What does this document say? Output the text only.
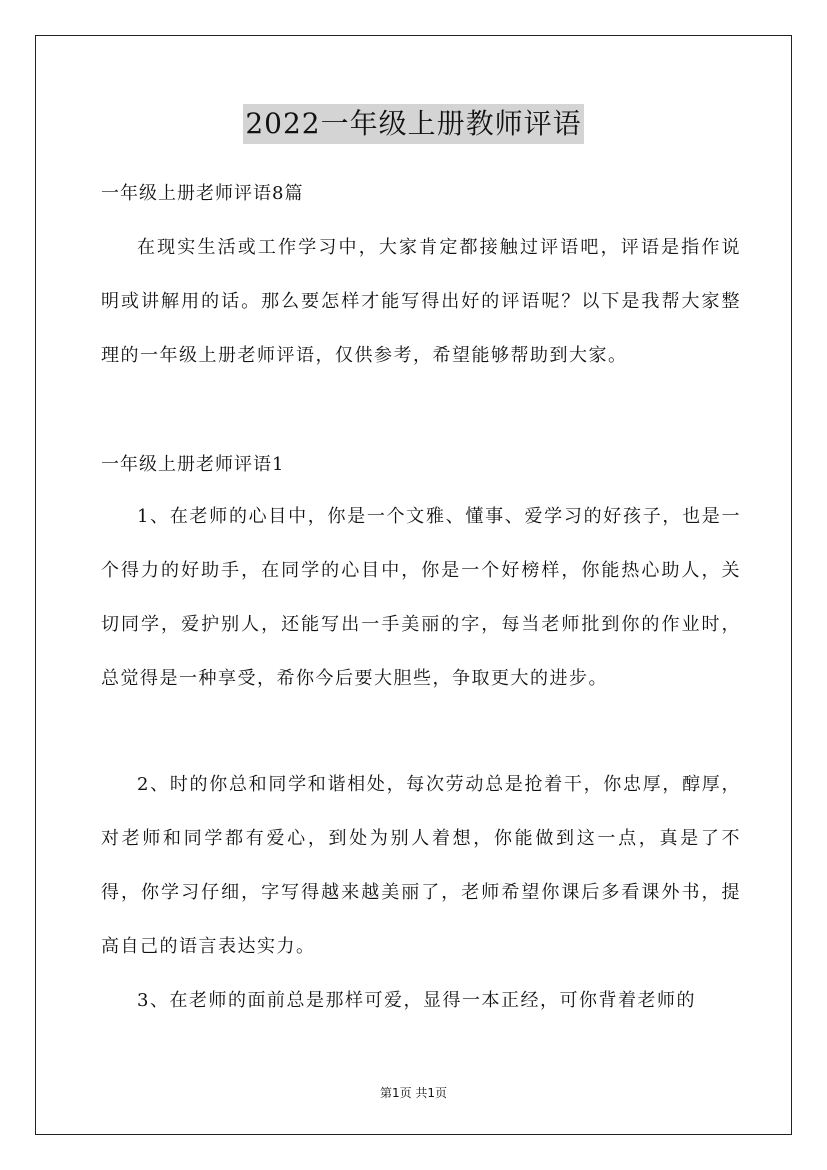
2022一年级上册教师评语
一年级上册老师评语8篇
在现实生活或工作学习中，大家肯定都接触过评语吧，评语是指作说明或讲解用的话。那么要怎样才能写得出好的评语呢？以下是我帮大家整理的一年级上册老师评语，仅供参考，希望能够帮助到大家。
一年级上册老师评语1
1、在老师的心目中，你是一个文雅、懂事、爱学习的好孩子，也是一个得力的好助手，在同学的心目中，你是一个好榜样，你能热心助人，关切同学，爱护别人，还能写出一手美丽的字，每当老师批到你的作业时，总觉得是一种享受，希你今后要大胆些，争取更大的进步。
2、时的你总和同学和谐相处，每次劳动总是抢着干，你忠厚，醇厚，对老师和同学都有爱心，到处为别人着想，你能做到这一点，真是了不得，你学习仔细，字写得越来越美丽了，老师希望你课后多看课外书，提高自己的语言表达实力。
3、在老师的面前总是那样可爱，显得一本正经，可你背着老师的
第1页 共1页
